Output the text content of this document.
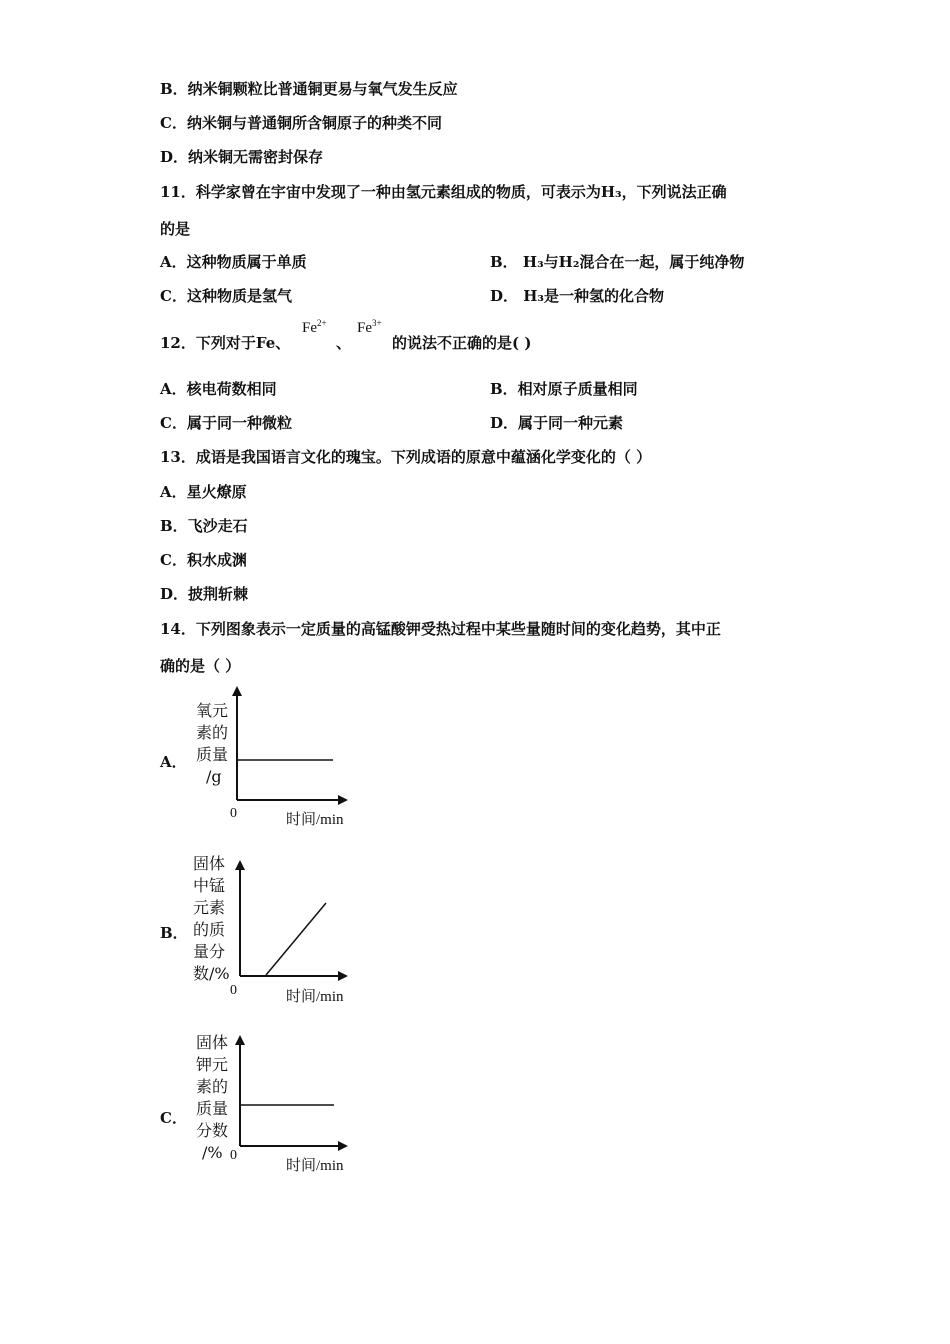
B．纳米铜颗粒比普通铜更易与氧气发生反应
C．纳米铜与普通铜所含铜原子的种类不同
D．纳米铜无需密封保存
11．科学家曾在宇宙中发现了一种由氢元素组成的物质，可表示为H₃，下列说法正确
的是
A．这种物质属于单质	B． H₃与H₂混合在一起，属于纯净物
C．这种物质是氢气	D． H₃是一种氢的化合物
12．下列对于Fe、
$Fe^{2+}$
、
$Fe^{3+}$
的说法不正确的是( )
A．核电荷数相同	B．相对原子质量相同
C．属于同一种微粒	D．属于同一种元素
13．成语是我国语言文化的瑰宝。下列成语的原意中蕴涵化学变化的（ ）
A．星火燎原
B．飞沙走石
C．积水成渊
D．披荆斩棘
14．下列图象表示一定质量的高锰酸钾受热过程中某些量随时间的变化趋势，其中正
确的是（ ）
A．
氧元
素的
质量
/g
0	时间/min
B．
固体
中锰
元素
的质
量分
数/%
0	时间/min
C．
固体
钾元
素的
质量
分数
/% 0
时间/min
